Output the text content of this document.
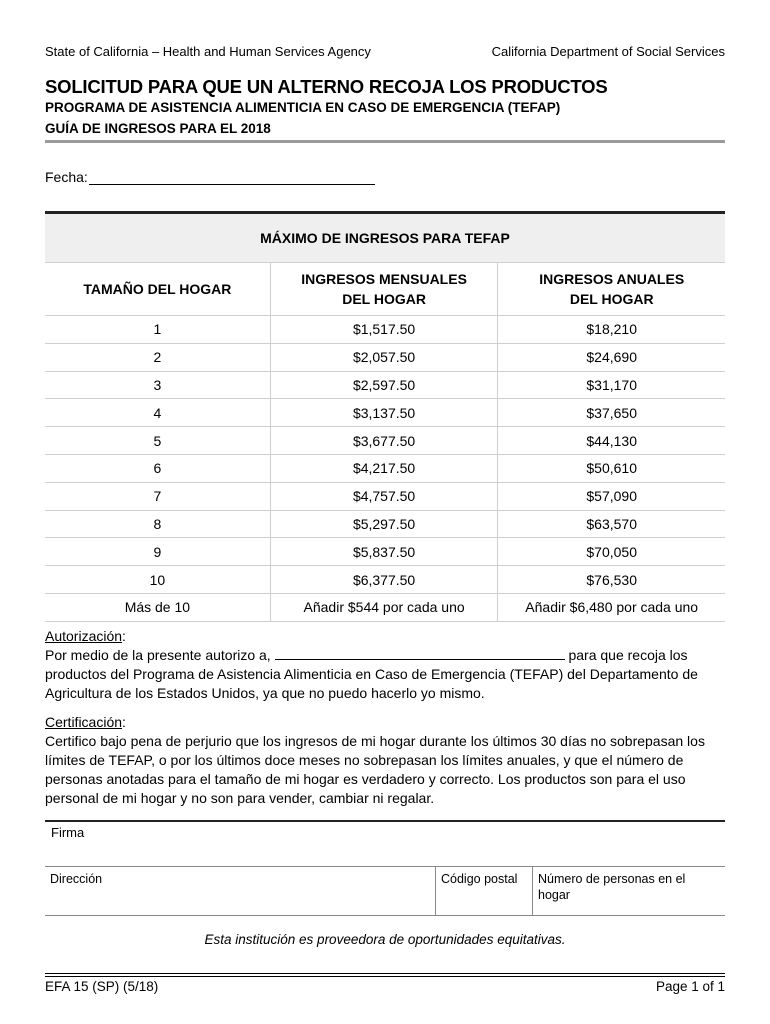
State of California – Health and Human Services Agency	California Department of Social Services
SOLICITUD PARA QUE UN ALTERNO RECOJA LOS PRODUCTOS
PROGRAMA DE ASISTENCIA ALIMENTICIA EN CASO DE EMERGENCIA (TEFAP)
GUÍA DE INGRESOS PARA EL 2018
Fecha:
MÁXIMO DE INGRESOS PARA TEFAP		
TAMAÑO DEL HOGAR	INGRESOS MENSUALES DEL HOGAR	INGRESOS ANUALES DEL HOGAR
1	$1,517.50	$18,210
2	$2,057.50	$24,690
3	$2,597.50	$31,170
4	$3,137.50	$37,650
5	$3,677.50	$44,130
6	$4,217.50	$50,610
7	$4,757.50	$57,090
8	$5,297.50	$63,570
9	$5,837.50	$70,050
10	$6,377.50	$76,530
Más de 10	Añadir $544 por cada uno	Añadir $6,480 por cada uno
Autorización:
Por medio de la presente autorizo a,	para que recoja los productos del Programa de Asistencia Alimenticia en Caso de Emergencia (TEFAP) del Departamento de Agricultura de los Estados Unidos, ya que no puedo hacerlo yo mismo.
Certificación:
Certifico bajo pena de perjurio que los ingresos de mi hogar durante los últimos 30 días no sobrepasan los límites de TEFAP, o por los últimos doce meses no sobrepasan los límites anuales, y que el número de personas anotadas para el tamaño de mi hogar es verdadero y correcto. Los productos son para el uso personal de mi hogar y no son para vender, cambiar ni regalar.
Firma
Dirección	Código postal	Número de personas en el hogar
Esta institución es proveedora de oportunidades equitativas.
EFA 15 (SP) (5/18)	Page 1 of 1
